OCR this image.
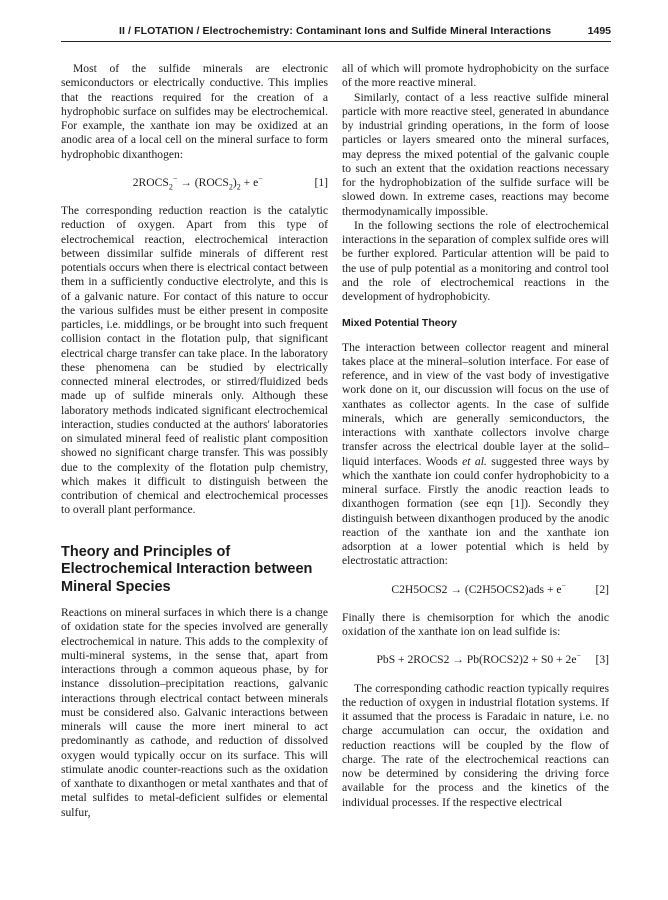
II / FLOTATION / Electrochemistry: Contaminant Ions and Sulfide Mineral Interactions	1495

Most of the sulfide minerals are electronic semiconductors or electrically conductive. This implies that the reactions required for the creation of a hydrophobic surface on sulfides may be electrochemical. For example, the xanthate ion may be oxidized at an anodic area of a local cell on the mineral surface to form hydrophobic dixanthogen:

$2ROCS_2^-$ → $(ROCS_2)_2 + e^-$	[1]

The corresponding reduction reaction is the catalytic reduction of oxygen. Apart from this type of electrochemical reaction, electrochemical interaction between dissimilar sulfide minerals of different rest potentials occurs when there is electrical contact between them in a sufficiently conductive electrolyte, and this is of a galvanic nature. For contact of this nature to occur the various sulfides must be either present in composite particles, i.e. middlings, or be brought into such frequent collision contact in the flotation pulp, that significant electrical charge transfer can take place. In the laboratory these phenomena can be studied by electrically connected mineral electrodes, or stirred/fluidized beds made up of sulfide minerals only. Although these laboratory methods indicated significant electrochemical interaction, studies conducted at the authors' laboratories on simulated mineral feed of realistic plant composition showed no significant charge transfer. This was possibly due to the complexity of the flotation pulp chemistry, which makes it difficult to distinguish between the contribution of chemical and electrochemical processes to overall plant performance.

Theory and Principles of Electrochemical Interaction between Mineral Species

Reactions on mineral surfaces in which there is a change of oxidation state for the species involved are generally electrochemical in nature. This adds to the complexity of multi-mineral systems, in the sense that, apart from interactions through a common aqueous phase, by for instance dissolution–precipitation reactions, galvanic interactions through electrical contact between minerals must be considered also. Galvanic interactions between minerals will cause the more inert mineral to act predominantly as cathode, and reduction of dissolved oxygen would typically occur on its surface. This will stimulate anodic counter-reactions such as the oxidation of xanthate to dixanthogen or metal xanthates and that of metal sulfides to metal-deficient sulfides or elemental sulfur,

all of which will promote hydrophobicity on the surface of the more reactive mineral.

Similarly, contact of a less reactive sulfide mineral particle with more reactive steel, generated in abundance by industrial grinding operations, in the form of loose particles or layers smeared onto the mineral surfaces, may depress the mixed potential of the galvanic couple to such an extent that the oxidation reactions necessary for the hydrophobization of the sulfide surface will be slowed down. In extreme cases, reactions may become thermodynamically impossible.

In the following sections the role of electrochemical interactions in the separation of complex sulfide ores will be further explored. Particular attention will be paid to the use of pulp potential as a monitoring and control tool and the role of electrochemical reactions in the development of hydrophobicity.

Mixed Potential Theory

The interaction between collector reagent and mineral takes place at the mineral–solution interface. For ease of reference, and in view of the vast body of investigative work done on it, our discussion will focus on the use of xanthates as collector agents. In the case of sulfide minerals, which are generally semiconductors, the interactions with xanthate collectors involve charge transfer across the electrical double layer at the solid–liquid interfaces. Woods et al. suggested three ways by which the xanthate ion could confer hydrophobicity to a mineral surface. Firstly the anodic reaction leads to dixanthogen formation (see eqn [1]). Secondly they distinguish between dixanthogen produced by the anodic reaction of the xanthate ion and the xanthate ion adsorption at a lower potential which is held by electrostatic attraction:

C2H5OCS2 → (C2H5OCS2)ads + e−	[2]

Finally there is chemisorption for which the anodic oxidation of the xanthate ion on lead sulfide is:

PbS + 2ROCS2 → Pb(ROCS2)2 + S0 + 2e−	[3]

The corresponding cathodic reaction typically requires the reduction of oxygen in industrial flotation systems. If it assumed that the process is Faradaic in nature, i.e. no charge accumulation can occur, the oxidation and reduction reactions will be coupled by the flow of charge. The rate of the electrochemical reactions can now be determined by considering the driving force available for the process and the kinetics of the individual processes. If the respective electrical
